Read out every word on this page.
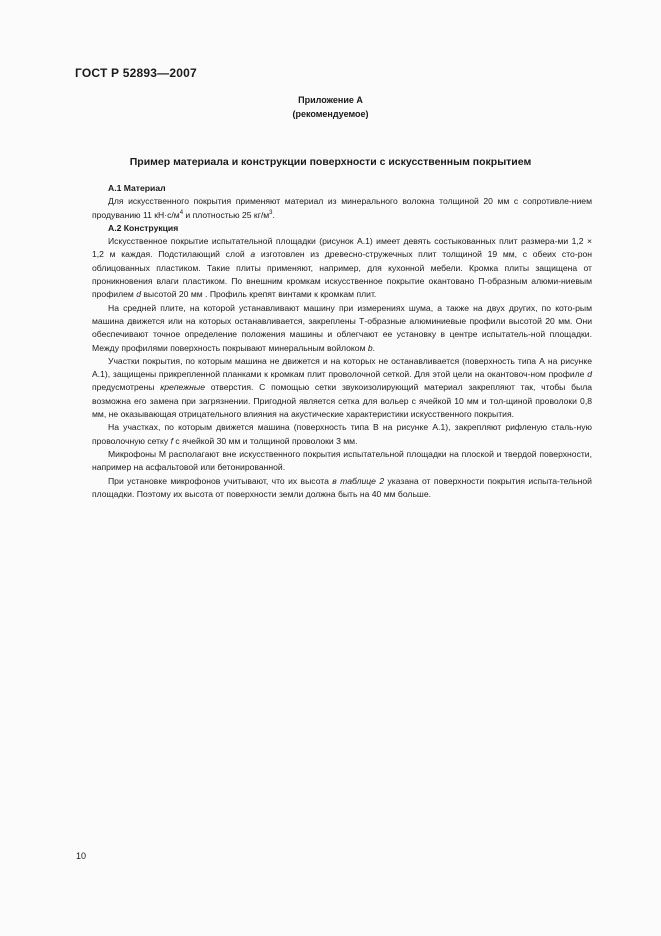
ГОСТ Р 52893—2007
Приложение А
(рекомендуемое)
Пример материала и конструкции поверхности с искусственным покрытием

А.1 Материал

Для искусственного покрытия применяют материал из минерального волокна толщиной 20 мм с сопротивле-нием продуванию 11 $кН\cdot с/м^4$ и плотностью 25 $кг/м^3$.

А.2 Конструкция

Искусственное покрытие испытательной площадки (рисунок А.1) имеет девять состыкованных плит размера-ми 1,2 × 1,2 м каждая. Подстилающий слой а изготовлен из древесно-стружечных плит толщиной 19 мм, с обеих сто-рон облицованных пластиком. Такие плиты применяют, например, для кухонной мебели. Кромка плиты защищена от проникновения влаги пластиком. По внешним кромкам искусственное покрытие окантовано П-образным алюми-ниевым профилем d высотой 20 мм . Профиль крепят винтами к кромкам плит.

На средней плите, на которой устанавливают машину при измерениях шума, а также на двух других, по кото-рым машина движется или на которых останавливается, закреплены Т-образные алюминиевые профили высотой 20 мм. Они обеспечивают точное определение положения машины и облегчают ее установку в центре испытатель-ной площадки. Между профилями поверхность покрывают минеральным войлоком b.

Участки покрытия, по которым машина не движется и на которых не останавливается (поверхность типа А на рисунке А.1), защищены прикрепленной планками к кромкам плит проволочной сеткой. Для этой цели на окантовоч-ном профиле d предусмотрены крепежные отверстия. С помощью сетки звукоизолирующий материал закрепляют так, чтобы была возможна его замена при загрязнении. Пригодной является сетка для вольер с ячейкой 10 мм и тол-щиной проволоки 0,8 мм, не оказывающая отрицательного влияния на акустические характеристики искусственного покрытия.

На участках, по которым движется машина (поверхность типа В на рисунке А.1), закрепляют рифленую сталь-ную проволочную сетку f с ячейкой 30 мм и толщиной проволоки 3 мм.

Микрофоны М располагают вне искусственного покрытия испытательной площадки на плоской и твердой поверхности, например на асфальтовой или бетонированной.

При установке микрофонов учитывают, что их высота в таблице 2 указана от поверхности покрытия испыта-тельной площадки. Поэтому их высота от поверхности земли должна быть на 40 мм больше.

10
